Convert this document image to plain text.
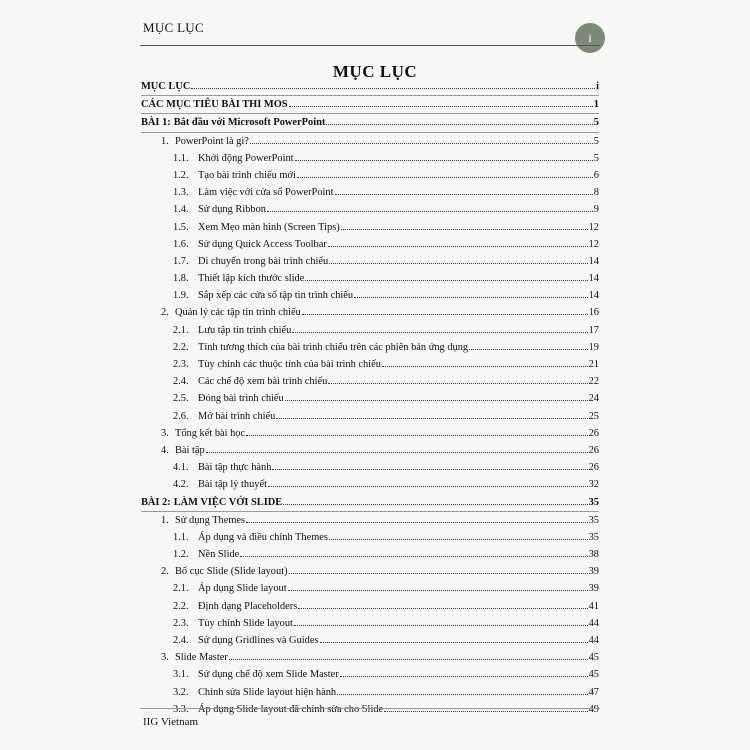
MỤC LỤC
i
MỤC LỤC
MỤC LỤC	i
CÁC MỤC TIÊU BÀI THI MOS	1
BÀI 1: Bắt đầu với Microsoft PowerPoint	5
1. PowerPoint là gì?	5
1.1. Khởi động PowerPoint	5
1.2. Tạo bài trình chiếu mới	6
1.3. Làm việc với cửa sổ PowerPoint	8
1.4. Sử dụng Ribbon	9
1.5. Xem Mẹo màn hình (Screen Tips)	12
1.6. Sử dụng Quick Access Toolbar	12
1.7. Di chuyển trong bài trình chiếu	14
1.8. Thiết lập kích thước slide	14
1.9. Sắp xếp các cửa sổ tập tin trình chiếu	14
2. Quản lý các tập tin trình chiếu	16
2.1. Lưu tập tin trình chiếu	17
2.2. Tính tương thích của bài trình chiếu trên các phiên bản ứng dụng	19
2.3. Tùy chỉnh các thuộc tính của bài trình chiếu	21
2.4. Các chế độ xem bài trình chiếu	22
2.5. Đóng bài trình chiếu	24
2.6. Mở bài trình chiếu	25
3. Tổng kết bài học	26
4. Bài tập	26
4.1. Bài tập thực hành	26
4.2. Bài tập lý thuyết	32
BÀI 2: LÀM VIỆC VỚI SLIDE	35
1. Sử dụng Themes	35
1.1. Áp dụng và điều chỉnh Themes	35
1.2. Nền Slide	38
2. Bố cục Slide (Slide layout)	39
2.1. Áp dụng Slide layout	39
2.2. Định dạng Placeholders	41
2.3. Tùy chỉnh Slide layout	44
2.4. Sử dụng Gridlines và Guides	44
3. Slide Master	45
3.1. Sử dụng chế độ xem Slide Master	45
3.2. Chỉnh sửa Slide layout hiện hành	47
3.3. Áp dụng Slide layout đã chỉnh sửa cho Slide	49
IIG Vietnam
